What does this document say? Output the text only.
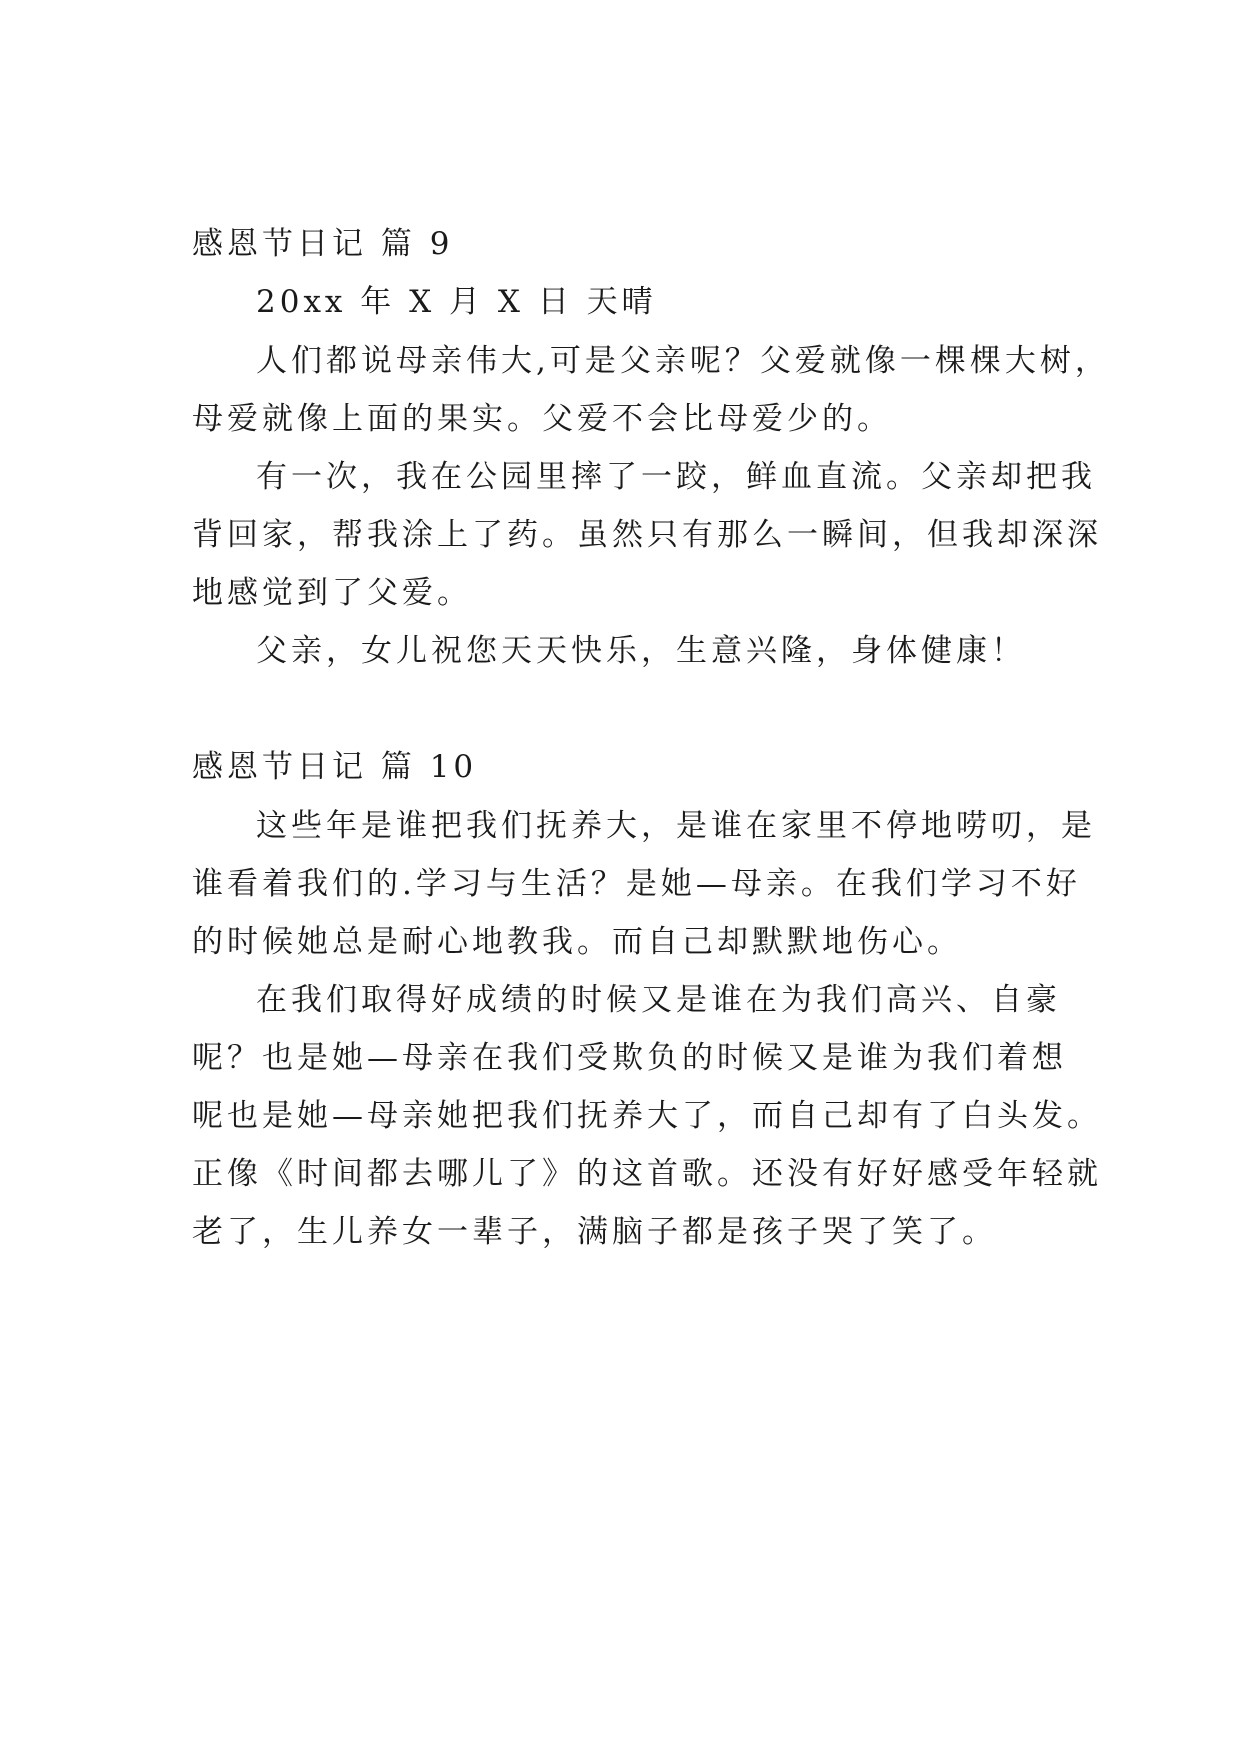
感恩节日记 篇 9
20xx 年 X 月 X 日 天晴
人们都说母亲伟大,可是父亲呢？父爱就像一棵棵大树，
母爱就像上面的果实。父爱不会比母爱少的。
有一次，我在公园里摔了一跤，鲜血直流。父亲却把我
背回家，帮我涂上了药。虽然只有那么一瞬间，但我却深深
地感觉到了父爱。
父亲，女儿祝您天天快乐，生意兴隆，身体健康！
感恩节日记 篇 10
这些年是谁把我们抚养大，是谁在家里不停地唠叨，是
谁看着我们的.学习与生活？是她—母亲。在我们学习不好
的时候她总是耐心地教我。而自己却默默地伤心。
在我们取得好成绩的时候又是谁在为我们高兴、自豪
呢？也是她—母亲在我们受欺负的时候又是谁为我们着想
呢也是她—母亲她把我们抚养大了，而自己却有了白头发。
正像《时间都去哪儿了》的这首歌。还没有好好感受年轻就
老了，生儿养女一辈子，满脑子都是孩子哭了笑了。
